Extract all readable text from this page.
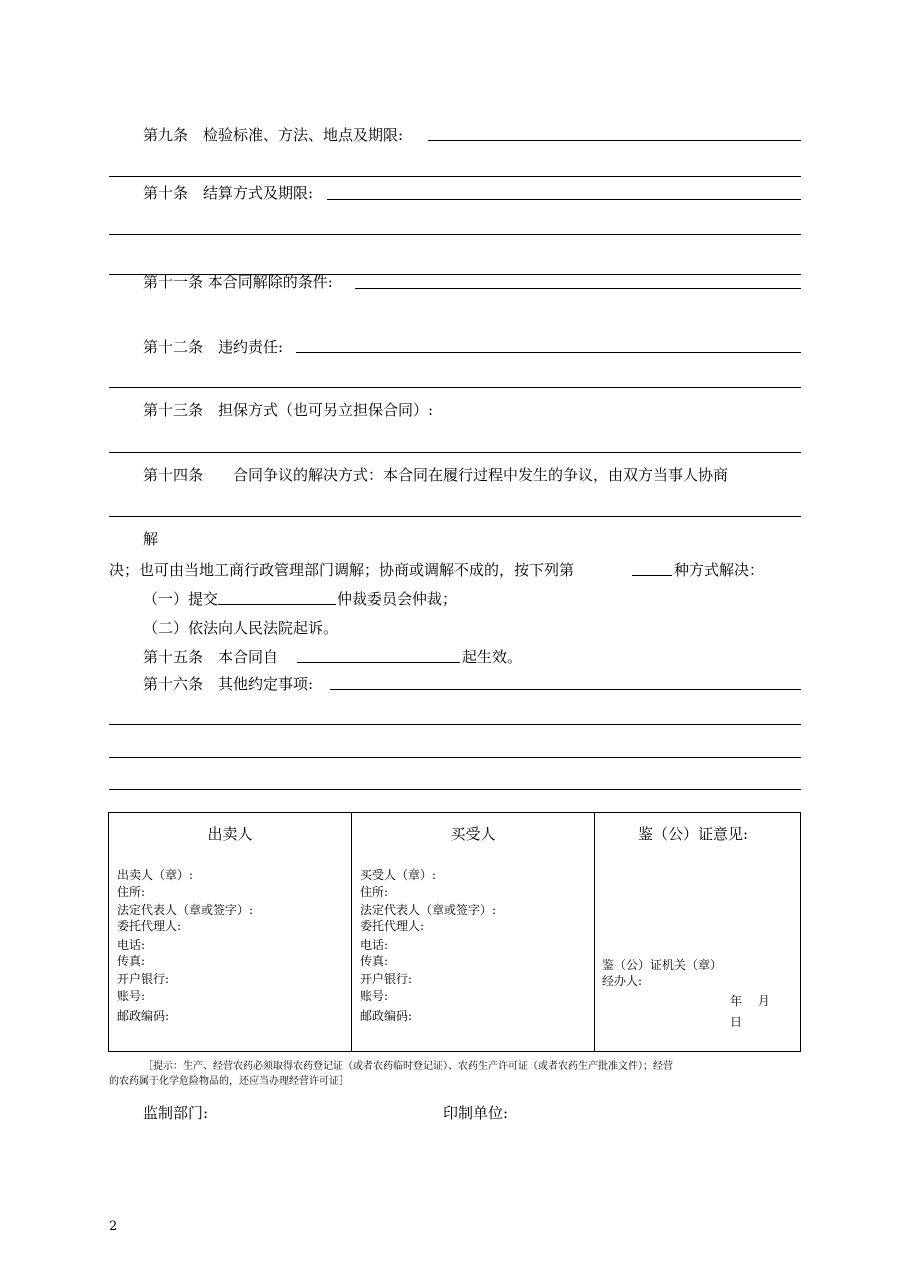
第九条　检验标准、方法、地点及期限:
第十条　结算方式及期限:
第十一条 本合同解除的条件:
第十二条　违约责任:
第十三条　担保方式（也可另立担保合同）:
第十四条　　合同争议的解决方式：本合同在履行过程中发生的争议，由双方当事人协商
解
决；也可由当地工商行政管理部门调解；协商或调解不成的，按下列第	种方式解决：
（一）提交	仲裁委员会仲裁；
（二）依法向人民法院起诉。
第十五条　本合同自	起生效。
第十六条　其他约定事项:
出卖人
出卖人（章）:
住所:
法定代表人（章或签字）:
委托代理人:
电话:
传真:
开户银行:
账号:
邮政编码:

买受人
买受人（章）:
住所:
法定代表人（章或签字）:
委托代理人:
电话:
传真:
开户银行:
账号:
邮政编码:

鉴（公）证意见:
鉴（公）证机关（章）
经办人:
年　 月
日
［提示：生产、经营农药必须取得农药登记证（或者农药临时登记证）、农药生产许可证（或者农药生产批准文件）；经营
的农药属于化学危险物品的，还应当办理经营许可证］
监制部门:	印制单位:
2
